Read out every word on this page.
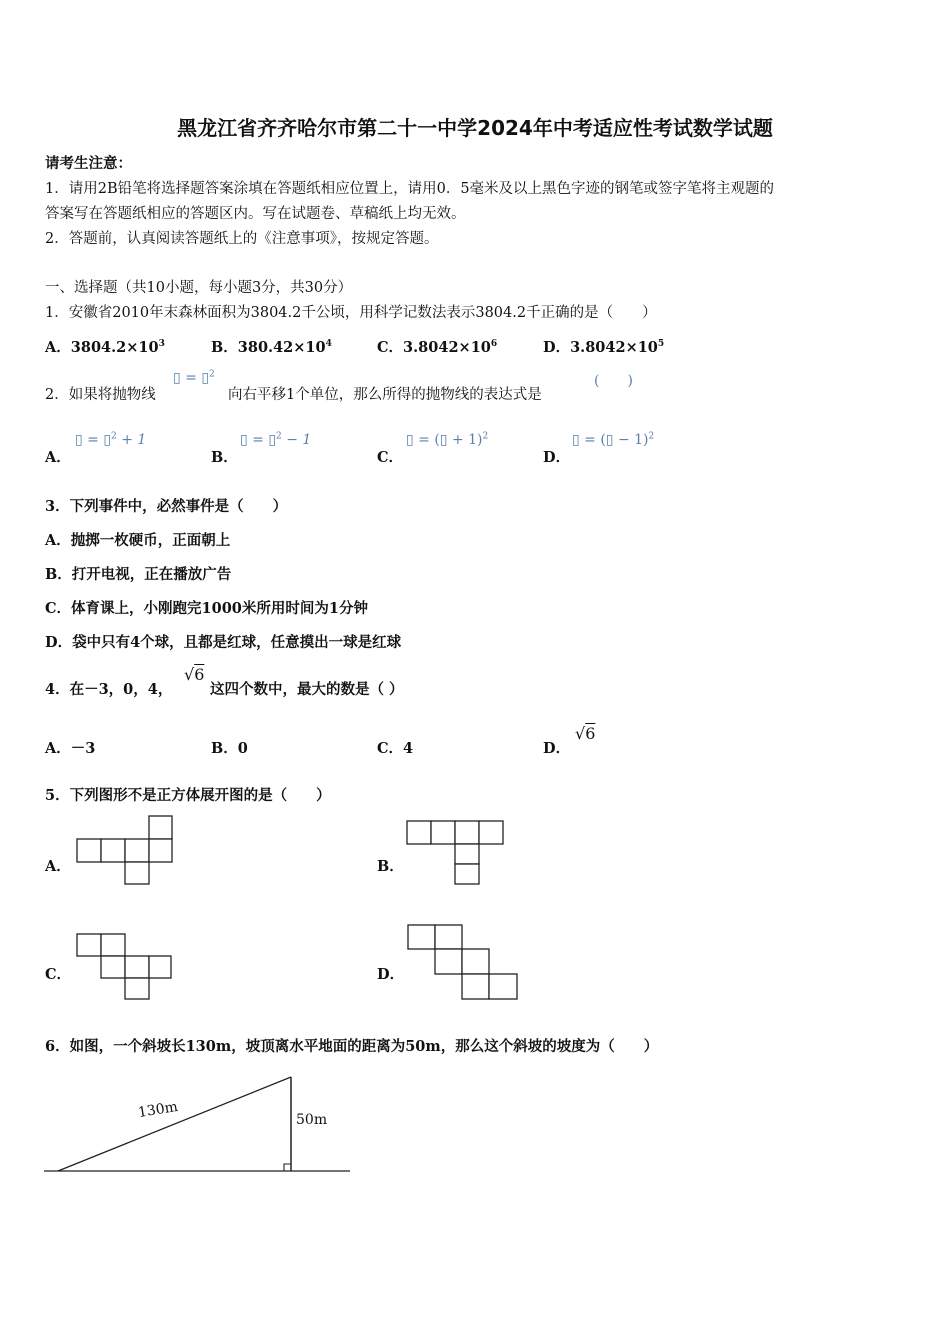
黑龙江省齐齐哈尔市第二十一中学2024年中考适应性考试数学试题
请考生注意：
1．请用2B铅笔将选择题答案涂填在答题纸相应位置上，请用0．5毫米及以上黑色字迹的钢笔或签字笔将主观题的
答案写在答题纸相应的答题区内。写在试题卷、草稿纸上均无效。
2．答题前，认真阅读答题纸上的《注意事项》，按规定答题。
一、选择题（共10小题，每小题3分，共30分）
1．安徽省2010年末森林面积为3804.2千公顷，用科学记数法表示3804.2千正确的是（　　）
A．$3804.2\times 10^3$	B．$380.42\times 10^4$	C．$3.8042\times 10^6$	D．$3.8042\times 10^5$
2．如果将抛物线
▯ = ▯$^2$
向右平移1个单位，那么所得的抛物线的表达式是
(　　)
A．
▯ = ▯$^2$ + 1
B．
▯ = ▯$^2$ − 1
C．
▯ = (▯ + 1)$^2$
D．
▯ = (▯ − 1)$^2$
3．下列事件中，必然事件是（　　）
A．抛掷一枚硬币，正面朝上
B．打开电视，正在播放广告
C．体育课上，小刚跑完1000米所用时间为1分钟
D．袋中只有4个球，且都是红球，任意摸出一球是红球
4．在－3，0，4，
√6
这四个数中，最大的数是（ ）
A．－3	B．0	C．4	D．
√6
5．下列图形不是正方体展开图的是（　　）
A．	B．
C．	D．
6．如图，一个斜坡长130m，坡顶离水平地面的距离为50m，那么这个斜坡的坡度为（　　）
130m	50m
